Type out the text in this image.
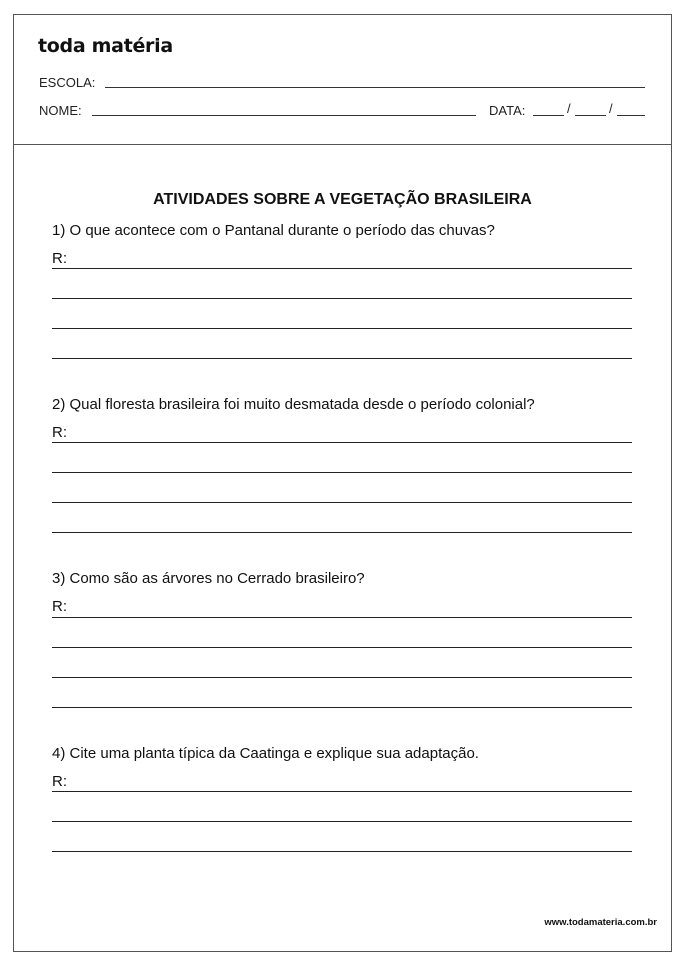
toda matéria
ESCOLA:
NOME:	DATA:	/	/
ATIVIDADES SOBRE A VEGETAÇÃO BRASILEIRA
1) O que acontece com o Pantanal durante o período das chuvas?
R:
2) Qual floresta brasileira foi muito desmatada desde o período colonial?
R:
3) Como são as árvores no Cerrado brasileiro?
R:
4) Cite uma planta típica da Caatinga e explique sua adaptação.
R:
www.todamateria.com.br
